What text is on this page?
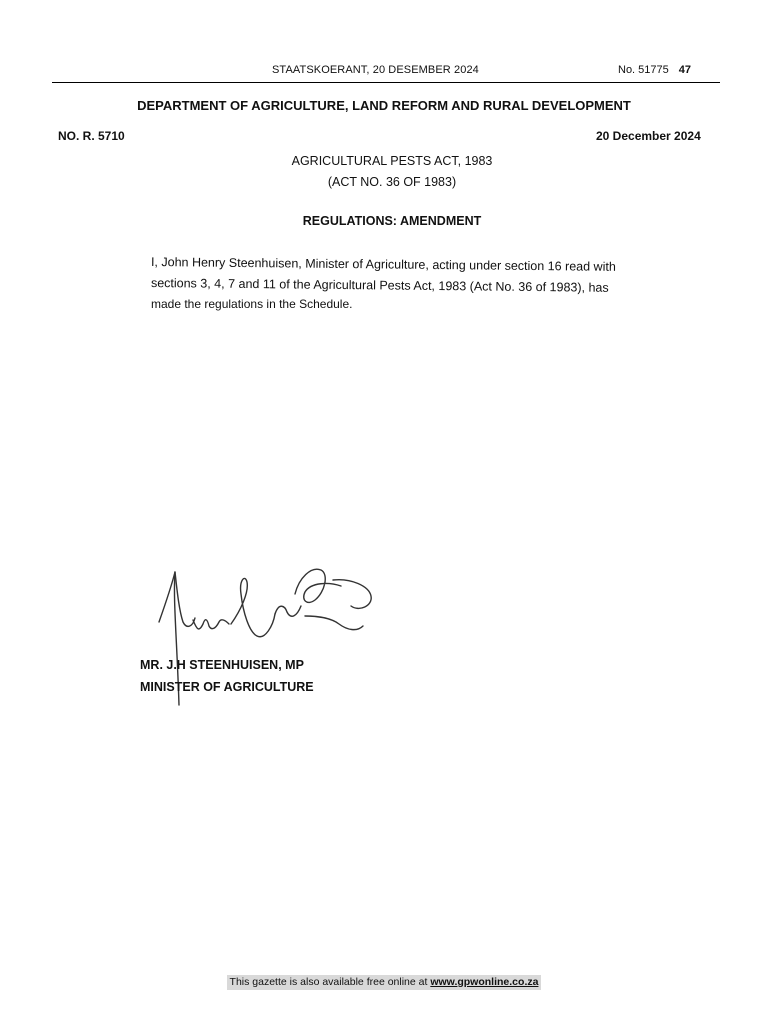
STAATSKOERANT, 20 DESEMBER 2024	No. 51775 47
DEPARTMENT OF AGRICULTURE, LAND REFORM AND RURAL DEVELOPMENT
NO. R. 5710	20 December 2024
AGRICULTURAL PESTS ACT, 1983
(ACT NO. 36 OF 1983)
REGULATIONS: AMENDMENT
I, John Henry Steenhuisen, Minister of Agriculture, acting under section 16 read with
sections 3, 4, 7 and 11 of the Agricultural Pests Act, 1983 (Act No. 36 of 1983), has
made the regulations in the Schedule.
MR. J.H STEENHUISEN, MP
MINISTER OF AGRICULTURE
This gazette is also available free online at www.gpwonline.co.za
